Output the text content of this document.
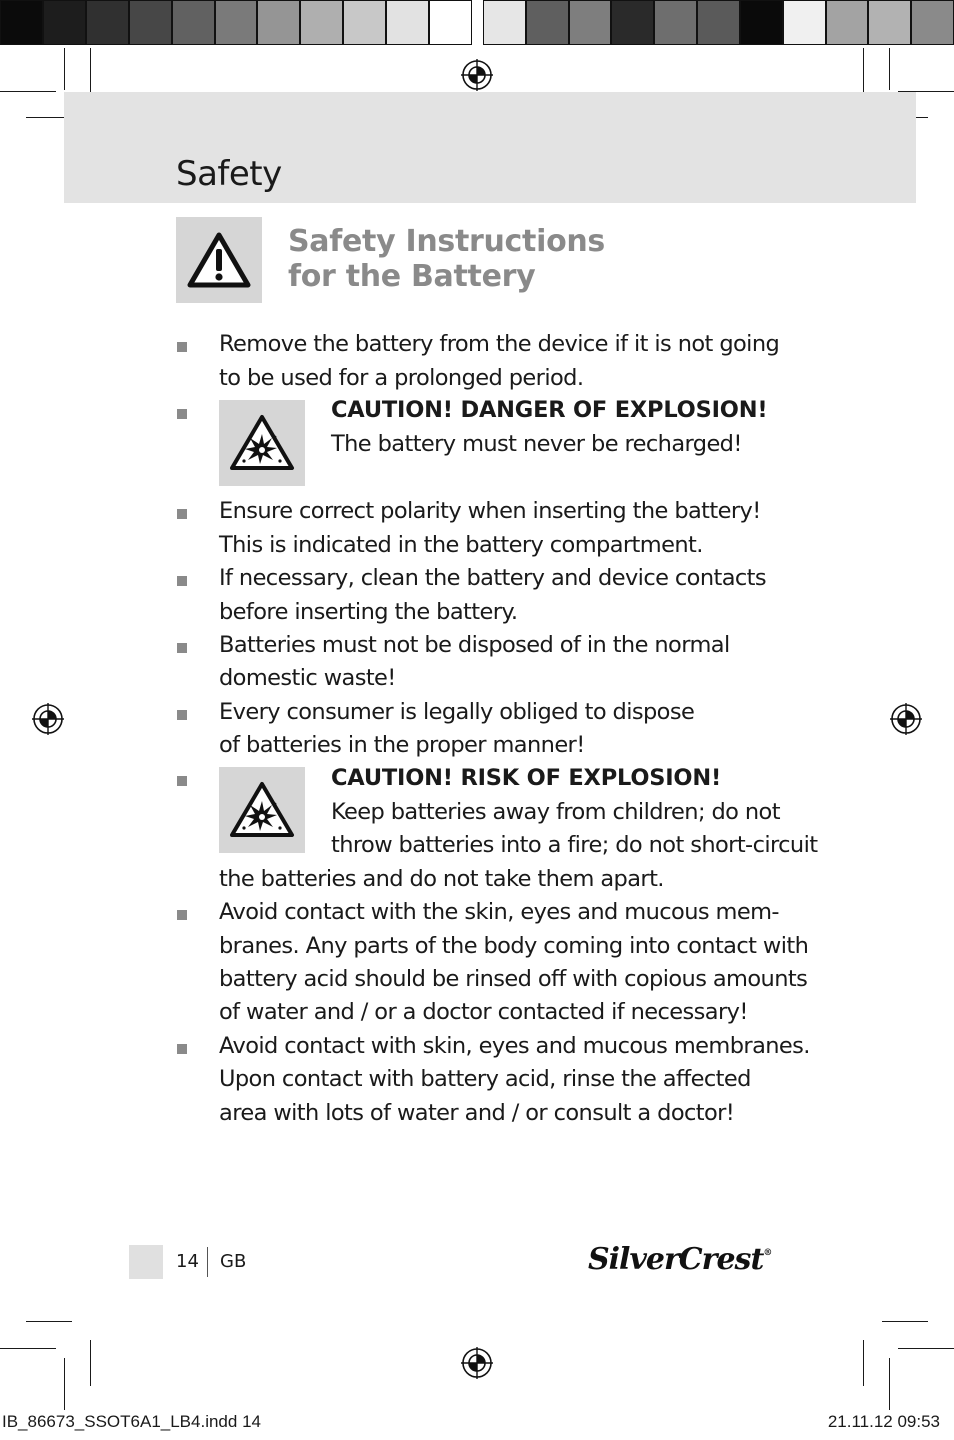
Safety
Safety Instructions
for the Battery
Remove the battery from the device if it is not going
to be used for a prolonged period.
CAUTION! DANGER OF EXPLOSION!
The battery must never be recharged!
Ensure correct polarity when inserting the battery!
This is indicated in the battery compartment.
If necessary, clean the battery and device contacts
before inserting the battery.
Batteries must not be disposed of in the normal
domestic waste!
Every consumer is legally obliged to dispose
of batteries in the proper manner!
CAUTION! RISK OF EXPLOSION!
Keep batteries away from children; do not
throw batteries into a fire; do not short-circuit
the batteries and do not take them apart.
Avoid contact with the skin, eyes and mucous mem-
branes. Any parts of the body coming into contact with
battery acid should be rinsed off with copious amounts
of water and / or a doctor contacted if necessary!
Avoid contact with skin, eyes and mucous membranes.
Upon contact with battery acid, rinse the affected
area with lots of water and / or consult a doctor!
14 GB	SilverCrest®
IB_86673_SSOT6A1_LB4.indd 14	21.11.12 09:53
